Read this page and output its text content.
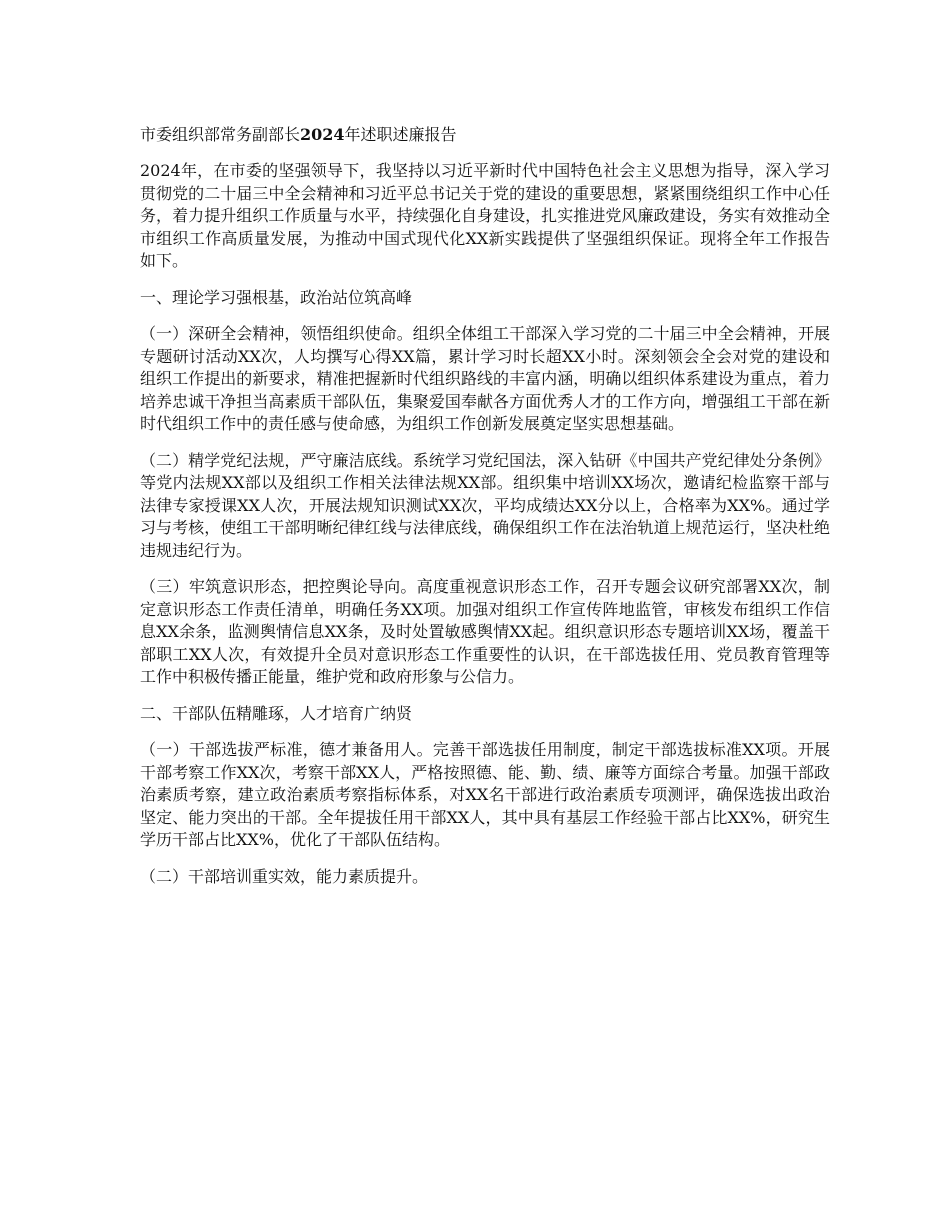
市委组织部常务副部长2024年述职述廉报告
2024年，在市委的坚强领导下，我坚持以习近平新时代中国特色社会主义思想为指导，深入学习贯彻党的二十届三中全会精神和习近平总书记关于党的建设的重要思想，紧紧围绕组织工作中心任务，着力提升组织工作质量与水平，持续强化自身建设，扎实推进党风廉政建设，务实有效推动全市组织工作高质量发展，为推动中国式现代化XX新实践提供了坚强组织保证。现将全年工作报告如下。
一、理论学习强根基，政治站位筑高峰
（一）深研全会精神，领悟组织使命。组织全体组工干部深入学习党的二十届三中全会精神，开展专题研讨活动XX次，人均撰写心得XX篇，累计学习时长超XX小时。深刻领会全会对党的建设和组织工作提出的新要求，精准把握新时代组织路线的丰富内涵，明确以组织体系建设为重点，着力培养忠诚干净担当高素质干部队伍，集聚爱国奉献各方面优秀人才的工作方向，增强组工干部在新时代组织工作中的责任感与使命感，为组织工作创新发展奠定坚实思想基础。
（二）精学党纪法规，严守廉洁底线。系统学习党纪国法，深入钻研《中国共产党纪律处分条例》等党内法规XX部以及组织工作相关法律法规XX部。组织集中培训XX场次，邀请纪检监察干部与法律专家授课XX人次，开展法规知识测试XX次，平均成绩达XX分以上，合格率为XX%。通过学习与考核，使组工干部明晰纪律红线与法律底线，确保组织工作在法治轨道上规范运行，坚决杜绝违规违纪行为。
（三）牢筑意识形态，把控舆论导向。高度重视意识形态工作，召开专题会议研究部署XX次，制定意识形态工作责任清单，明确任务XX项。加强对组织工作宣传阵地监管，审核发布组织工作信息XX余条，监测舆情信息XX条，及时处置敏感舆情XX起。组织意识形态专题培训XX场，覆盖干部职工XX人次，有效提升全员对意识形态工作重要性的认识，在干部选拔任用、党员教育管理等工作中积极传播正能量，维护党和政府形象与公信力。
二、干部队伍精雕琢，人才培育广纳贤
（一）干部选拔严标准，德才兼备用人。完善干部选拔任用制度，制定干部选拔标准XX项。开展干部考察工作XX次，考察干部XX人，严格按照德、能、勤、绩、廉等方面综合考量。加强干部政治素质考察，建立政治素质考察指标体系，对XX名干部进行政治素质专项测评，确保选拔出政治坚定、能力突出的干部。全年提拔任用干部XX人，其中具有基层工作经验干部占比XX%，研究生学历干部占比XX%，优化了干部队伍结构。
（二）干部培训重实效，能力素质提升。
